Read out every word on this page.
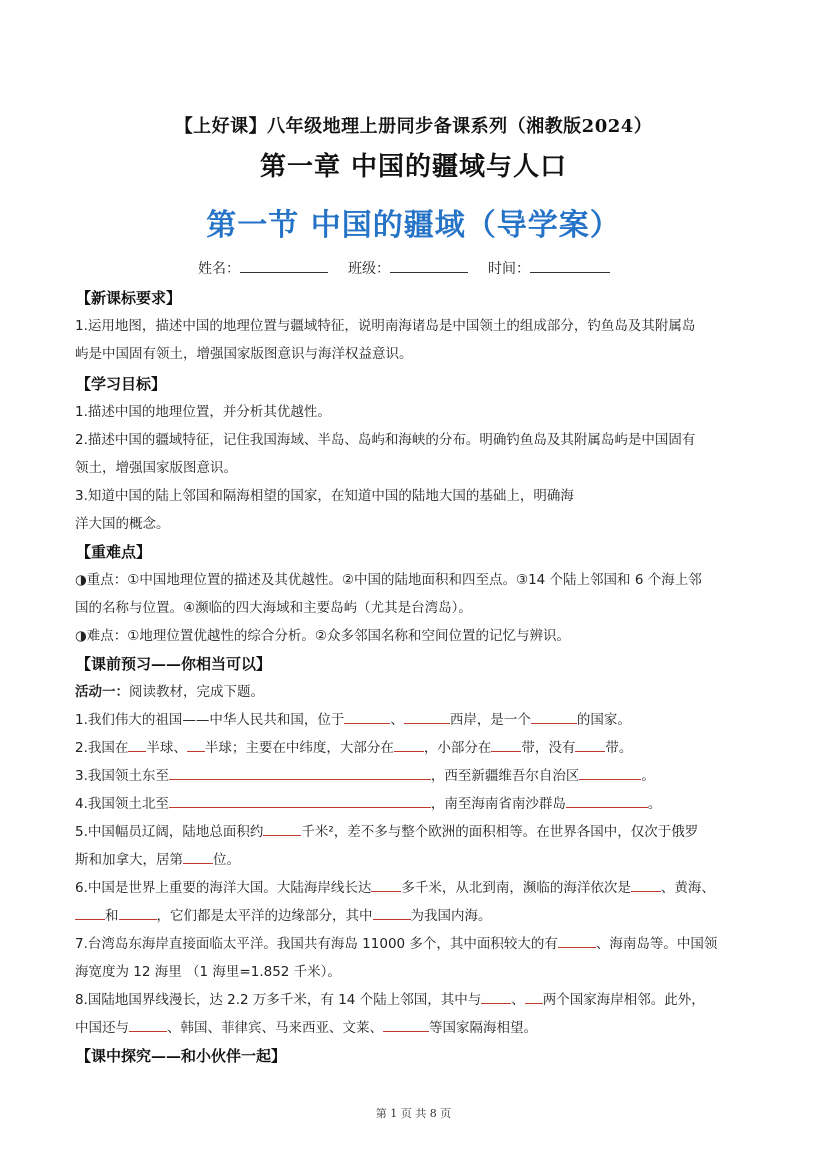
【上好课】八年级地理上册同步备课系列（湘教版2024）
第一章 中国的疆域与人口
第一节 中国的疆域（导学案）
姓名：	班级：	时间：
【新课标要求】
1.运用地图，描述中国的地理位置与疆域特征，说明南海诸岛是中国领土的组成部分，钓鱼岛及其附属岛
屿是中国固有领土，增强国家版图意识与海洋权益意识。
【学习目标】
1.描述中国的地理位置，并分析其优越性。
2.描述中国的疆域特征，记住我国海域、半岛、岛屿和海峡的分布。明确钓鱼岛及其附属岛屿是中国固有
领土，增强国家版图意识。
3.知道中国的陆上邻国和隔海相望的国家，在知道中国的陆地大国的基础上，明确海
洋大国的概念。
【重难点】
◑重点：①中国地理位置的描述及其优越性。②中国的陆地面积和四至点。③14 个陆上邻国和 6 个海上邻
国的名称与位置。④濒临的四大海域和主要岛屿（尤其是台湾岛）。
◑难点：①地理位置优越性的综合分析。②众多邻国名称和空间位置的记忆与辨识。
【课前预习——你相当可以】
活动一：阅读教材，完成下题。
1.我们伟大的祖国——中华人民共和国，位于	、	西岸，是一个	的国家。
2.我国在 半球、 半球；主要在中纬度，大部分在 ，小部分在 带，没有 带。
3.我国领土东至	，西至新疆维吾尔自治区	。
4.我国领土北至	，南至海南省南沙群岛	。
5.中国幅员辽阔，陆地总面积约	千米²，差不多与整个欧洲的面积相等。在世界各国中，仅次于俄罗
斯和加拿大，居第 位。
6.中国是世界上重要的海洋大国。大陆海岸线长达 多千米，从北到南，濒临的海洋依次是 、黄海、
和	，它们都是太平洋的边缘部分，其中	为我国内海。
7.台湾岛东海岸直接面临太平洋。我国共有海岛 11000 多个，其中面积较大的有	、海南岛等。中国领
海宽度为 12 海里 （1 海里=1.852 千米）。
8.国陆地国界线漫长，达 2.2 万多千米，有 14 个陆上邻国，其中与 、 两个国家海岸相邻。此外，
中国还与	、韩国、菲律宾、马来西亚、文莱、	等国家隔海相望。
【课中探究——和小伙伴一起】
第 1 页 共 8 页
